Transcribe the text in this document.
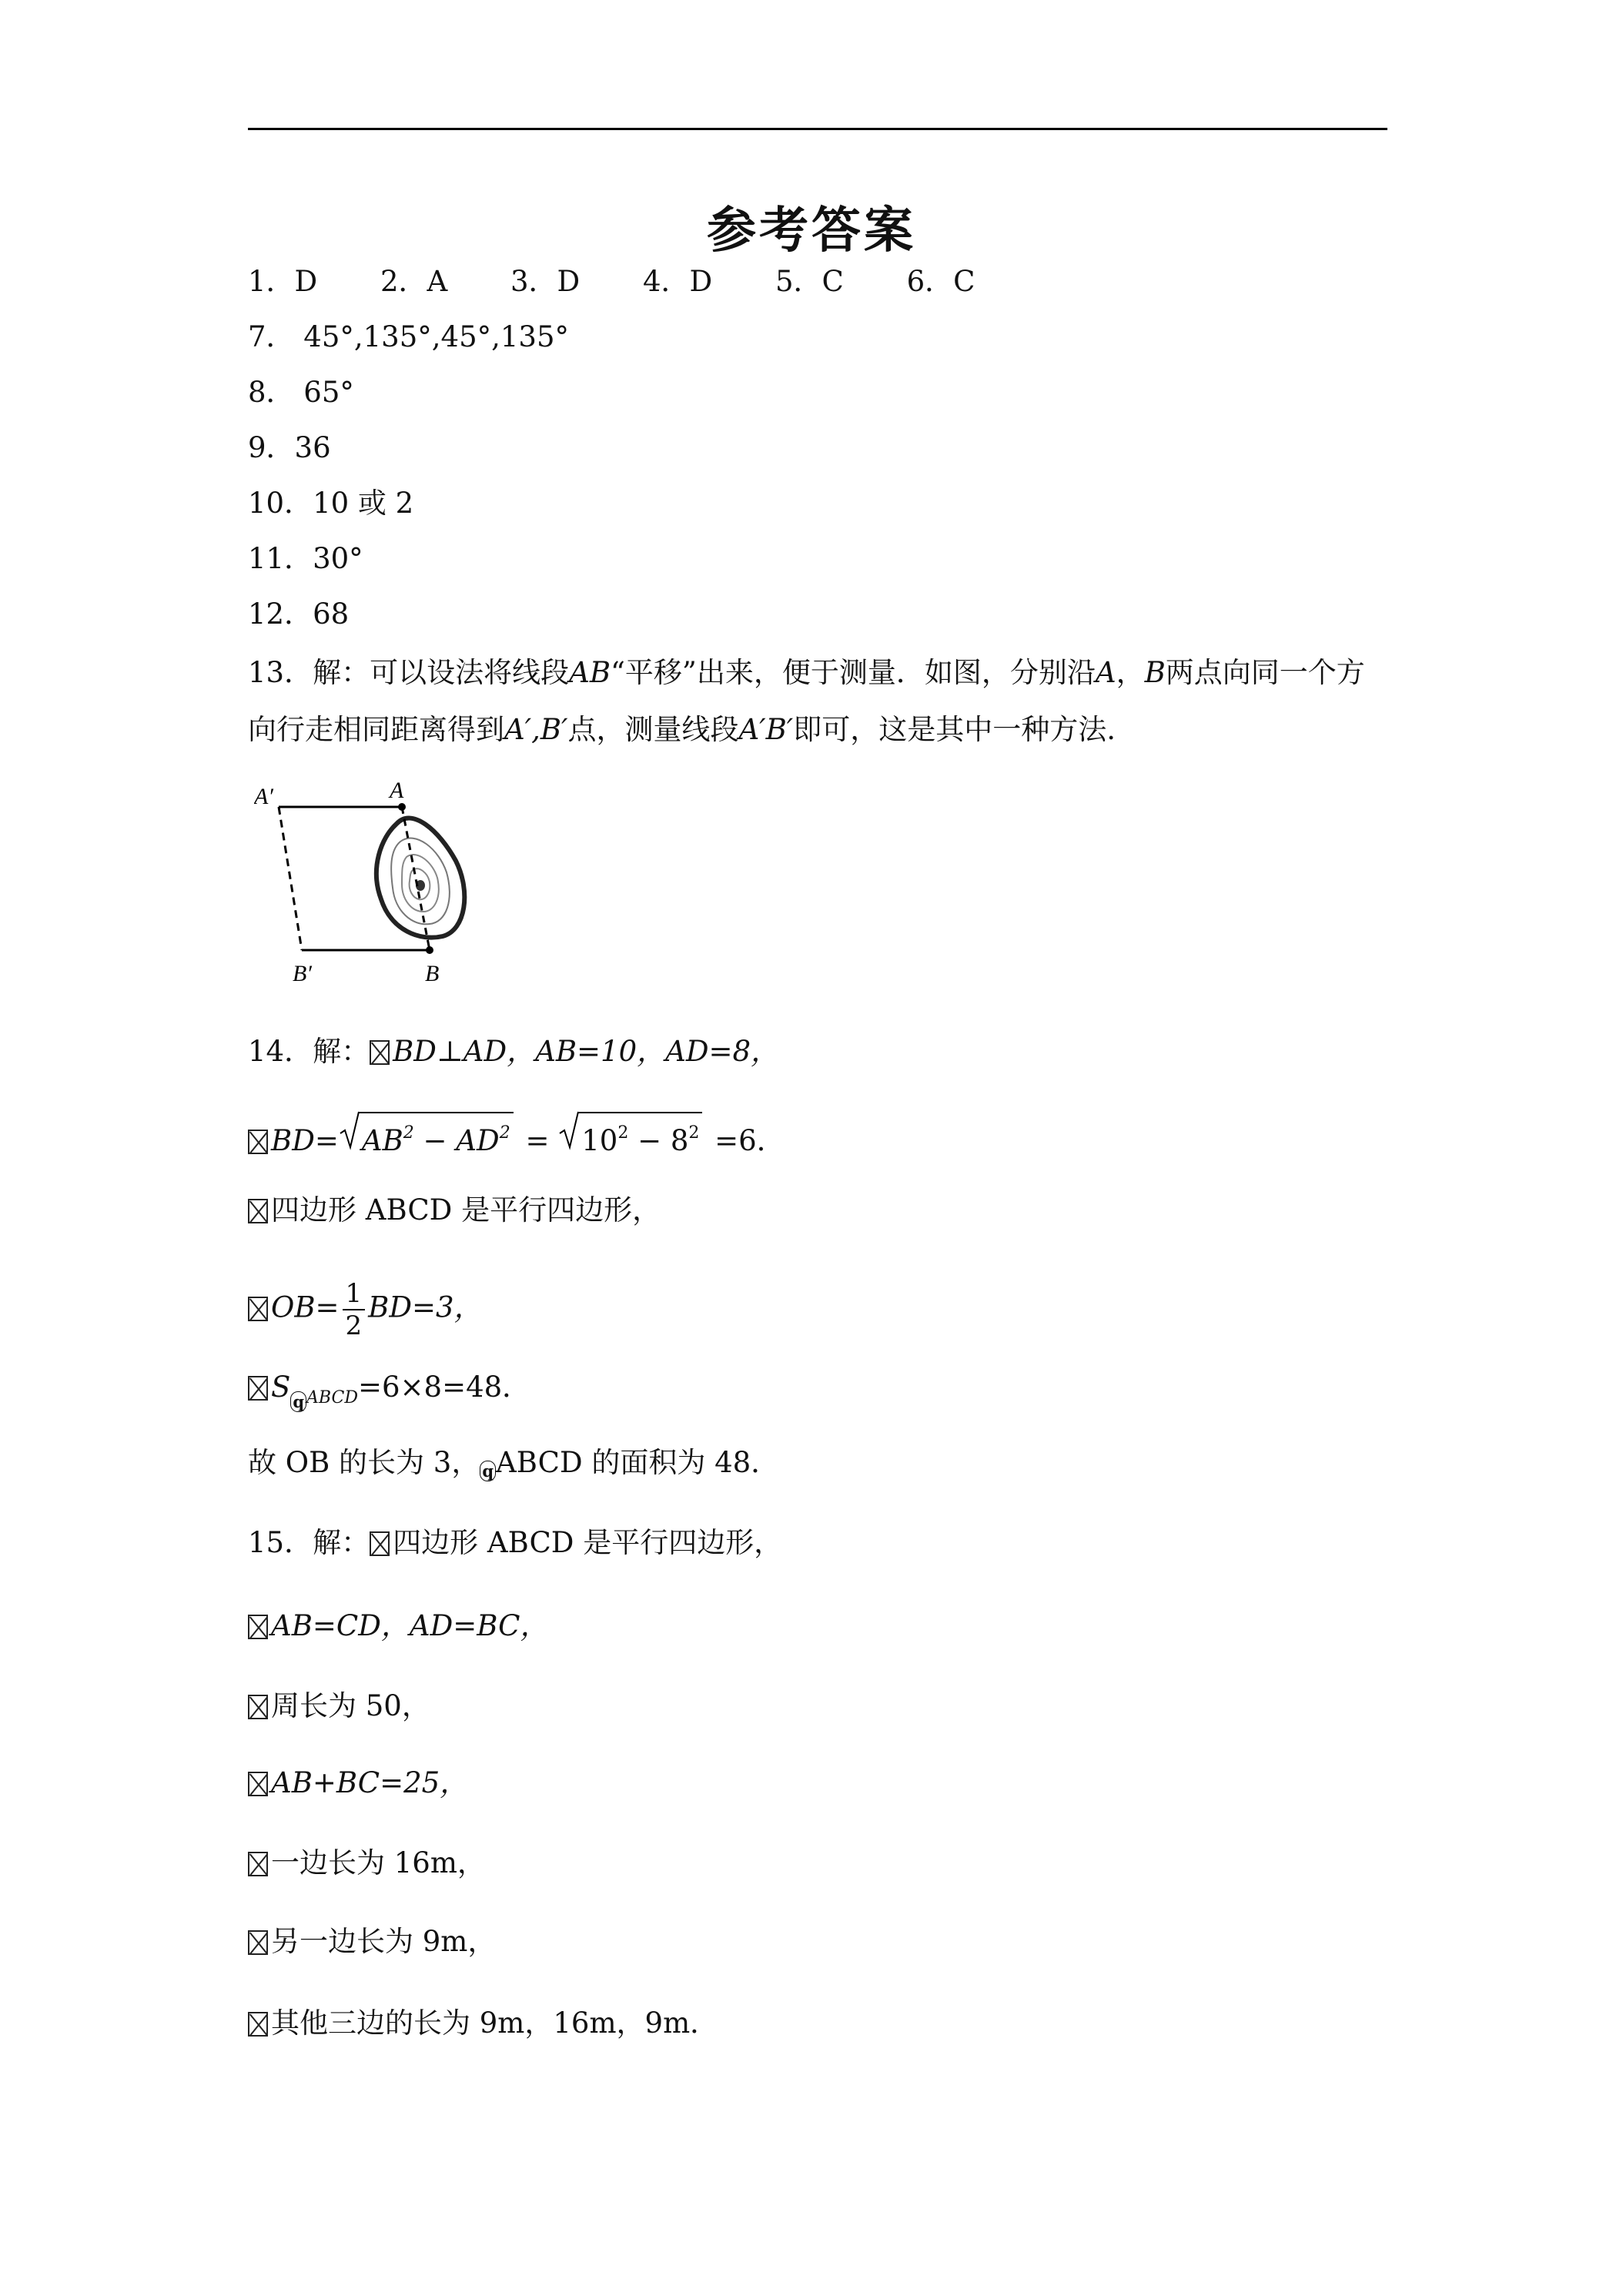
参考答案
1．D 2．A 3．D 4．D 5．C 6．C
7． 45°,135°,45°,135°
8． 65°
9．36
10．10 或 2
11．30°
12．68
13．解：可以设法将线段AB“平移”出来，便于测量．如图，分别沿A，B两点向同一个方
向行走相同距离得到A′,B′点，测量线段A′B′即可，这是其中一种方法.
A′	A
B′	B
14．解： BD⊥AD，AB=10，AD=8，
$BD= AB^2 - AD^2$ =
$10^2 - 8^2 =6$．
四边形 ABCD 是平行四边形，
$OB= \frac{1}{2} BD=3$，
S $_{q ABCD}$=6×8=48．
故 OB 的长为 3， qABCD 的面积为 48．
15．解： 四边形 ABCD 是平行四边形，
AB=CD，AD=BC，
周长为 50，
AB+BC=25，
一边长为 16m，
另一边长为 9m，
其他三边的长为 9m，16m，9m．
